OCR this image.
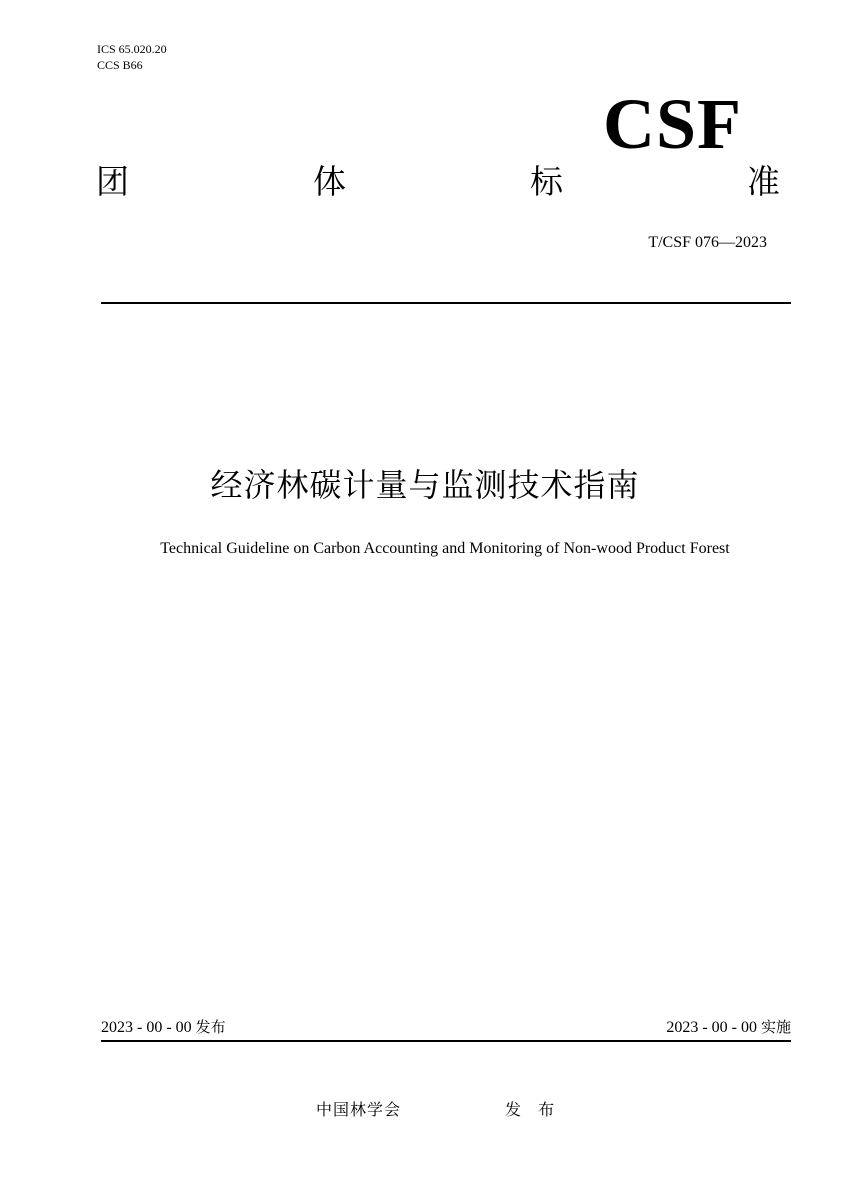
ICS 65.020.20
CCS B66
CSF
团	体	标	准
T/CSF 076—2023
经济林碳计量与监测技术指南
Technical Guideline on Carbon Accounting and Monitoring of Non-wood Product Forest
2023 - 00 - 00 发布	2023 - 00 - 00 实施
中国林学会	发 布
